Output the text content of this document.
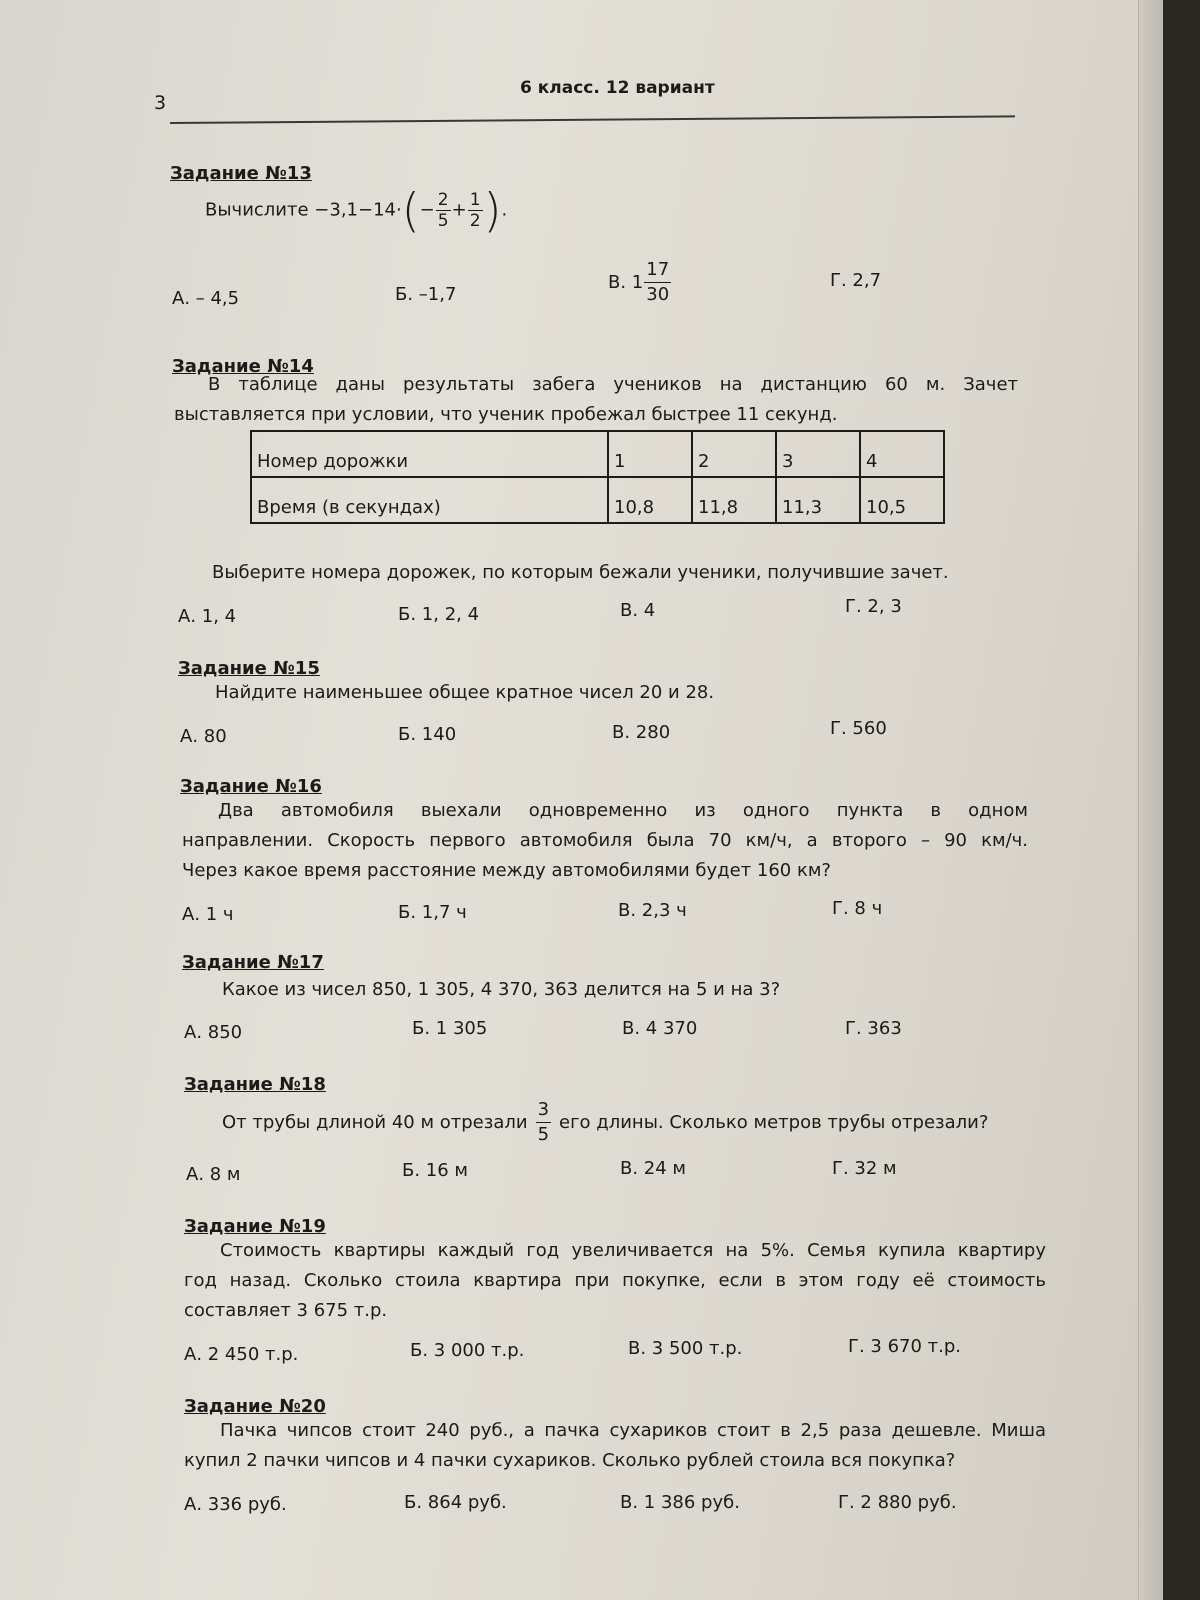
3
6 класс. 12 вариант
Задание №13
Вычислите $-3,1-14\cdot(- \frac{2}{5} + \frac{1}{2}$ ).
А. – 4,5	Б. –1,7
В. $1 \frac{17}{30}$	Г. 2,7
Задание №14
В таблице даны результаты забега учеников на дистанцию 60 м. Зачет
выставляется при условии, что ученик пробежал быстрее 11 секунд.
Номер дорожки	1	2	3	4
Время (в секундах)	10,8	11,8	11,3	10,5
Выберите номера дорожек, по которым бежали ученики, получившие зачет.
А. 1, 4	Б. 1, 2, 4	В. 4	Г. 2, 3
Задание №15
Найдите наименьшее общее кратное чисел 20 и 28.
А. 80	Б. 140	В. 280	Г. 560
Задание №16
Два автомобиля выехали одновременно из одного пункта в одном
направлении. Скорость первого автомобиля была 70 км/ч, а второго – 90 км/ч.
Через какое время расстояние между автомобилями будет 160 км?
А. 1 ч	Б. 1,7 ч	В. 2,3 ч	Г. 8 ч
Задание №17
Какое из чисел 850, 1 305, 4 370, 363 делится на 5 и на 3?
А. 850	Б. 1 305	В. 4 370	Г. 363
Задание №18
От трубы длиной 40 м отрезали $\frac{3}{5}$ его длины. Сколько метров трубы отрезали?
А. 8 м	Б. 16 м	В. 24 м	Г. 32 м
Задание №19
Стоимость квартиры каждый год увеличивается на 5%. Семья купила квартиру
год назад. Сколько стоила квартира при покупке, если в этом году её стоимость
составляет 3 675 т.р.
А. 2 450 т.р.	Б. 3 000 т.р.	В. 3 500 т.р.	Г. 3 670 т.р.
Задание №20
Пачка чипсов стоит 240 руб., а пачка сухариков стоит в 2,5 раза дешевле. Миша
купил 2 пачки чипсов и 4 пачки сухариков. Сколько рублей стоила вся покупка?
А. 336 руб.	Б. 864 руб.	В. 1 386 руб.	Г. 2 880 руб.
